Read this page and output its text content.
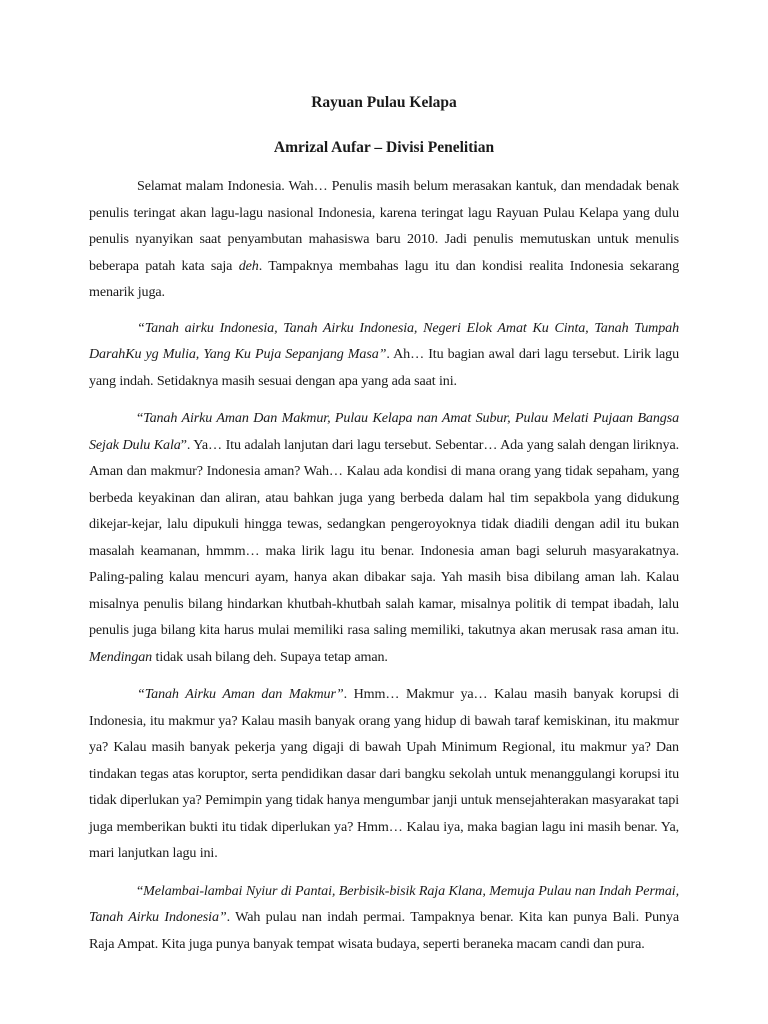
Rayuan Pulau Kelapa
Amrizal Aufar – Divisi Penelitian

Selamat malam Indonesia. Wah… Penulis masih belum merasakan kantuk, dan mendadak benak penulis teringat akan lagu-lagu nasional Indonesia, karena teringat lagu Rayuan Pulau Kelapa yang dulu penulis nyanyikan saat penyambutan mahasiswa baru 2010. Jadi penulis memutuskan untuk menulis beberapa patah kata saja deh. Tampaknya membahas lagu itu dan kondisi realita Indonesia sekarang menarik juga.

“Tanah airku Indonesia, Tanah Airku Indonesia, Negeri Elok Amat Ku Cinta, Tanah Tumpah DarahKu yg Mulia, Yang Ku Puja Sepanjang Masa”. Ah… Itu bagian awal dari lagu tersebut. Lirik lagu yang indah. Setidaknya masih sesuai dengan apa yang ada saat ini.

“Tanah Airku Aman Dan Makmur, Pulau Kelapa nan Amat Subur, Pulau Melati Pujaan Bangsa Sejak Dulu Kala”. Ya… Itu adalah lanjutan dari lagu tersebut. Sebentar… Ada yang salah dengan liriknya. Aman dan makmur? Indonesia aman? Wah… Kalau ada kondisi di mana orang yang tidak sepaham, yang berbeda keyakinan dan aliran, atau bahkan juga yang berbeda dalam hal tim sepakbola yang didukung dikejar-kejar, lalu dipukuli hingga tewas, sedangkan pengeroyoknya tidak diadili dengan adil itu bukan masalah keamanan, hmmm… maka lirik lagu itu benar. Indonesia aman bagi seluruh masyarakatnya. Paling-paling kalau mencuri ayam, hanya akan dibakar saja. Yah masih bisa dibilang aman lah. Kalau misalnya penulis bilang hindarkan khutbah-khutbah salah kamar, misalnya politik di tempat ibadah, lalu penulis juga bilang kita harus mulai memiliki rasa saling memiliki, takutnya akan merusak rasa aman itu. Mendingan tidak usah bilang deh. Supaya tetap aman.

“Tanah Airku Aman dan Makmur”. Hmm… Makmur ya… Kalau masih banyak korupsi di Indonesia, itu makmur ya? Kalau masih banyak orang yang hidup di bawah taraf kemiskinan, itu makmur ya? Kalau masih banyak pekerja yang digaji di bawah Upah Minimum Regional, itu makmur ya? Dan tindakan tegas atas koruptor, serta pendidikan dasar dari bangku sekolah untuk menanggulangi korupsi itu tidak diperlukan ya? Pemimpin yang tidak hanya mengumbar janji untuk mensejahterakan masyarakat tapi juga memberikan bukti itu tidak diperlukan ya? Hmm… Kalau iya, maka bagian lagu ini masih benar. Ya, mari lanjutkan lagu ini.

“Melambai-lambai Nyiur di Pantai, Berbisik-bisik Raja Klana, Memuja Pulau nan Indah Permai, Tanah Airku Indonesia”. Wah pulau nan indah permai. Tampaknya benar. Kita kan punya Bali. Punya Raja Ampat. Kita juga punya banyak tempat wisata budaya, seperti beraneka macam candi dan pura.
